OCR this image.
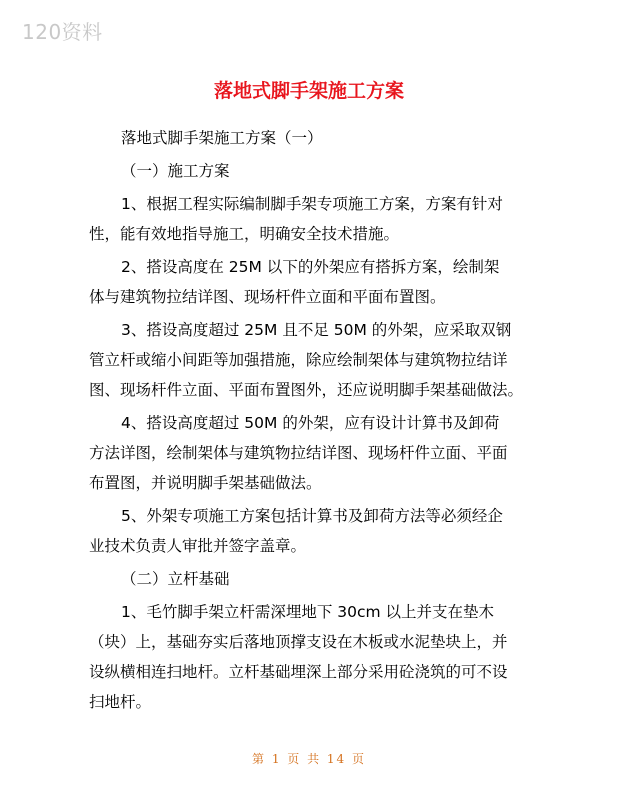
120资料
落地式脚手架施工方案
落地式脚手架施工方案（一）
（一）施工方案
1、根据工程实际编制脚手架专项施工方案，方案有针对
性，能有效地指导施工，明确安全技术措施。
2、搭设高度在 25M 以下的外架应有搭拆方案，绘制架
体与建筑物拉结详图、现场杆件立面和平面布置图。
3、搭设高度超过 25M 且不足 50M 的外架，应采取双钢
管立杆或缩小间距等加强措施，除应绘制架体与建筑物拉结详
图、现场杆件立面、平面布置图外，还应说明脚手架基础做法。
4、搭设高度超过 50M 的外架，应有设计计算书及卸荷
方法详图，绘制架体与建筑物拉结详图、现场杆件立面、平面
布置图，并说明脚手架基础做法。
5、外架专项施工方案包括计算书及卸荷方法等必须经企
业技术负责人审批并签字盖章。
（二）立杆基础
1、毛竹脚手架立杆需深埋地下 30cm 以上并支在垫木
（块）上，基础夯实后落地顶撑支设在木板或水泥垫块上，并
设纵横相连扫地杆。立杆基础埋深上部分采用砼浇筑的可不设
扫地杆。
第 1 页 共 14 页
